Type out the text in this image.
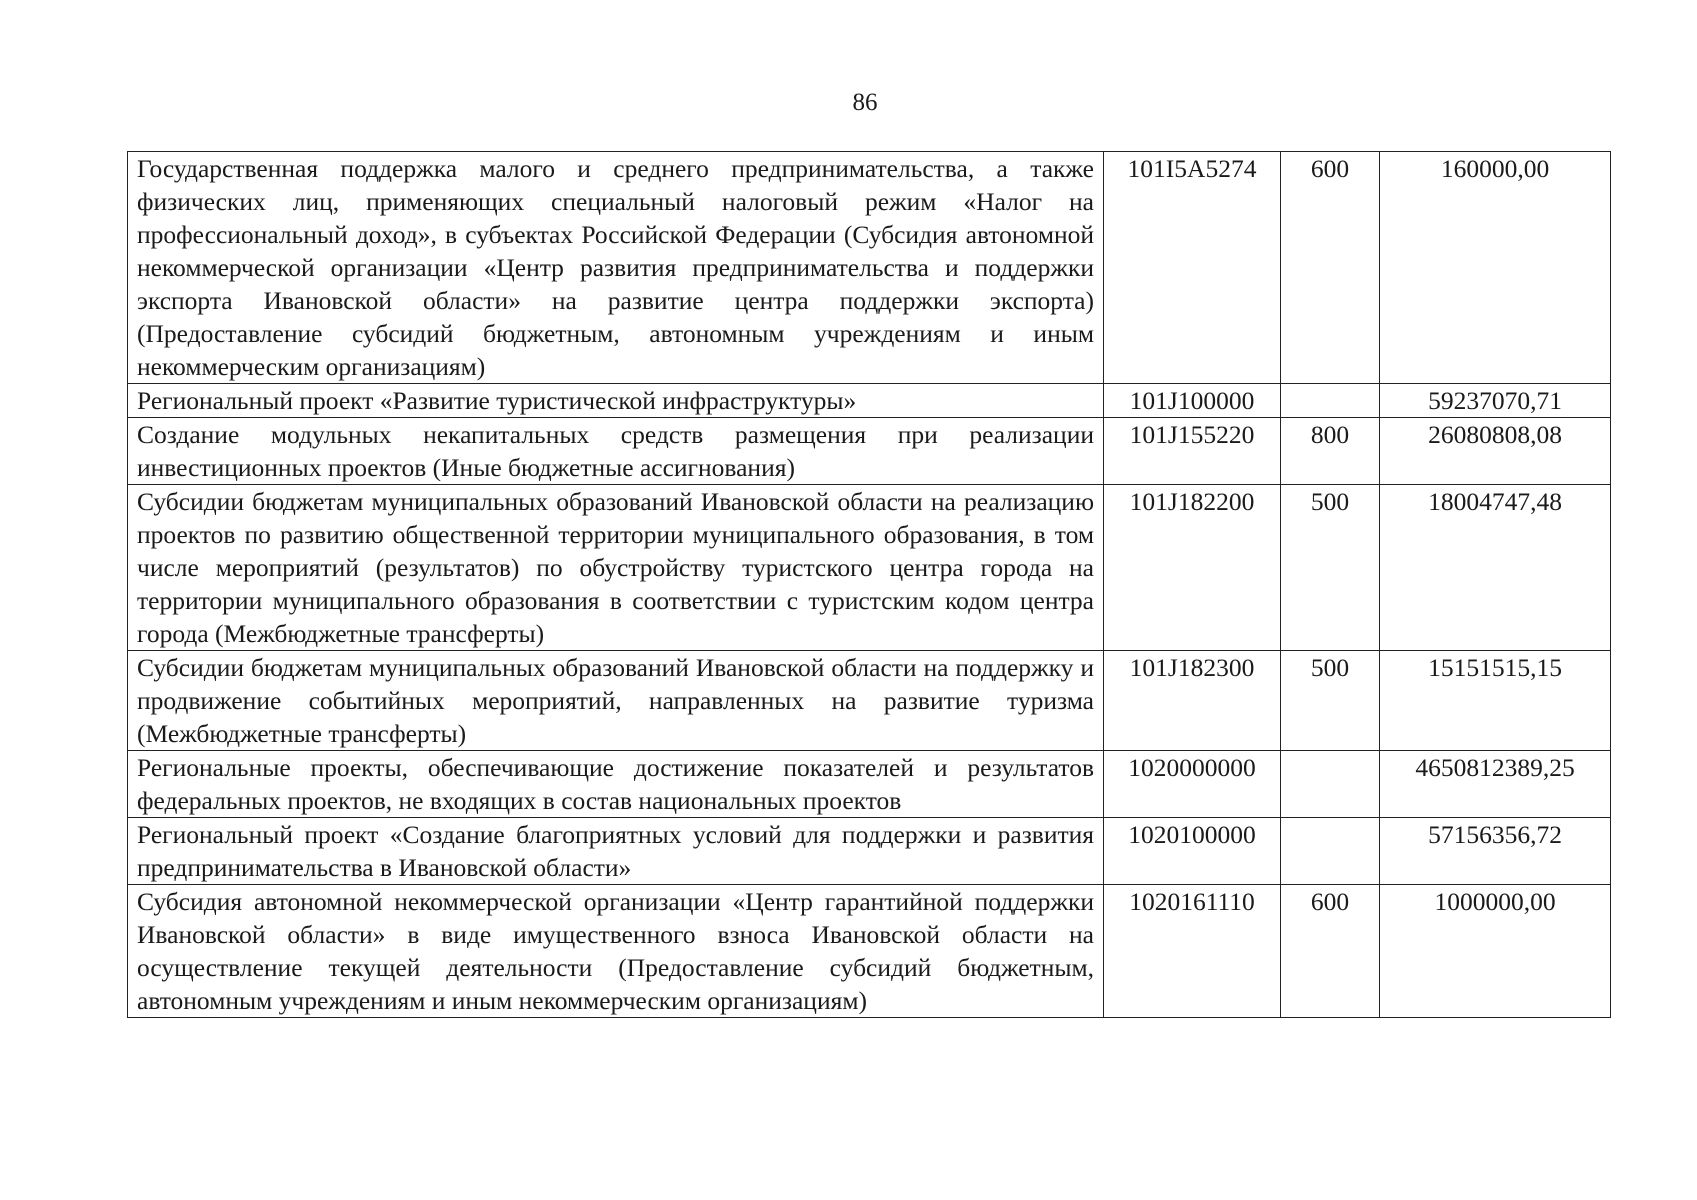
86
Государственная поддержка малого и среднего предпринимательства, а также физических лиц, применяющих специальный налоговый режим «Налог на профессиональный доход», в субъектах Российской Федерации (Субсидия автономной некоммерческой организации «Центр развития предпринимательства и поддержки экспорта Ивановской области» на развитие центра поддержки экспорта) (Предоставление субсидий бюджетным, автономным учреждениям и иным некоммерческим организациям)	101I5A5274	600	160000,00
Региональный проект «Развитие туристической инфраструктуры»	101J100000		59237070,71
Создание модульных некапитальных средств размещения при реализации инвестиционных проектов (Иные бюджетные ассигнования)	101J155220	800	26080808,08
Субсидии бюджетам муниципальных образований Ивановской области на реализацию проектов по развитию общественной территории муниципального образования, в том числе мероприятий (результатов) по обустройству туристского центра города на территории муниципального образования в соответствии с туристским кодом центра города (Межбюджетные трансферты)	101J182200	500	18004747,48
Субсидии бюджетам муниципальных образований Ивановской области на поддержку и продвижение событийных мероприятий, направленных на развитие туризма (Межбюджетные трансферты)	101J182300	500	15151515,15
Региональные проекты, обеспечивающие достижение показателей и результатов федеральных проектов, не входящих в состав национальных проектов	1020000000		4650812389,25
Региональный проект «Создание благоприятных условий для поддержки и развития предпринимательства в Ивановской области»	1020100000		57156356,72
Субсидия автономной некоммерческой организации «Центр гарантийной поддержки Ивановской области» в виде имущественного взноса Ивановской области на осуществление текущей деятельности (Предоставление субсидий бюджетным, автономным учреждениям и иным некоммерческим организациям)	1020161110	600	1000000,00
